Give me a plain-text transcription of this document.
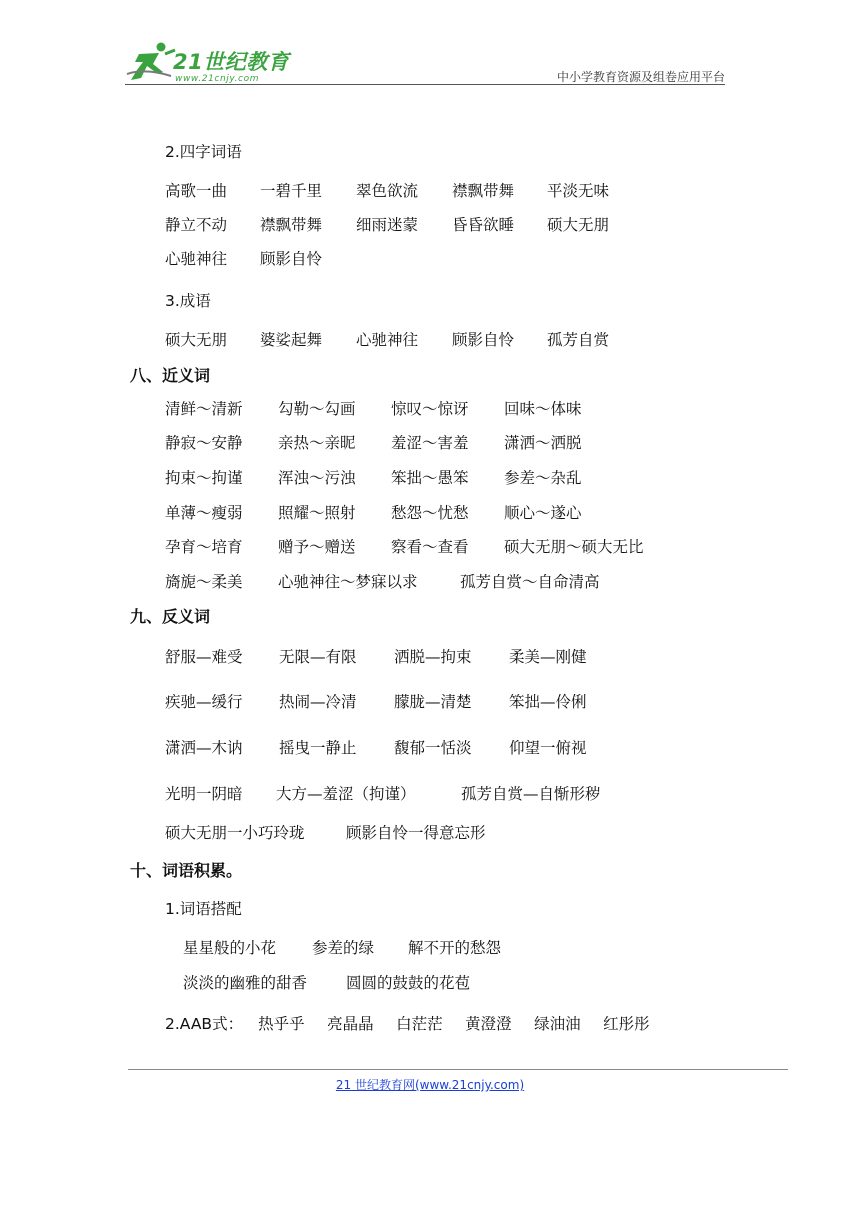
21世纪教育
www.21cnjy.com	中小学教育资源及组卷应用平台
2.四字词语
高歌一曲 一碧千里 翠色欲流 襟飘带舞 平淡无味
静立不动 襟飘带舞 细雨迷蒙 昏昏欲睡 硕大无朋
心驰神往 顾影自怜
3.成语
硕大无朋 婆娑起舞 心驰神往 顾影自怜 孤芳自赏
八、近义词
清鲜～清新 勾勒～勾画 惊叹～惊讶 回味～体味
静寂～安静 亲热～亲昵 羞涩～害羞 潇洒～洒脱
拘束～拘谨 浑浊～污浊 笨拙～愚笨 参差～杂乱
单薄～瘦弱 照耀～照射 愁怨～忧愁 顺心～遂心
孕育～培育 赠予～赠送 察看～查看 硕大无朋～硕大无比
旖旎～柔美 心驰神往～梦寐以求	孤芳自赏～自命清高
九、反义词
舒服—难受 无限—有限 洒脱—拘束 柔美—刚健
疾驰—缓行 热闹—冷清 朦胧—清楚 笨拙—伶俐
潇洒—木讷 摇曳一静止 馥郁一恬淡 仰望一俯视
光明一阴暗 大方—羞涩（拘谨）	孤芳自赏—自惭形秽
硕大无朋一小巧玲珑	顾影自怜一得意忘形
十、词语积累。
1.词语搭配
星星般的小花 参差的绿 解不开的愁怨
淡淡的幽雅的甜香	圆圆的鼓鼓的花苞
2.AAB式： 热乎乎 亮晶晶 白茫茫 黄澄澄 绿油油 红彤彤
21 世纪教育网(www.21cnjy.com)
